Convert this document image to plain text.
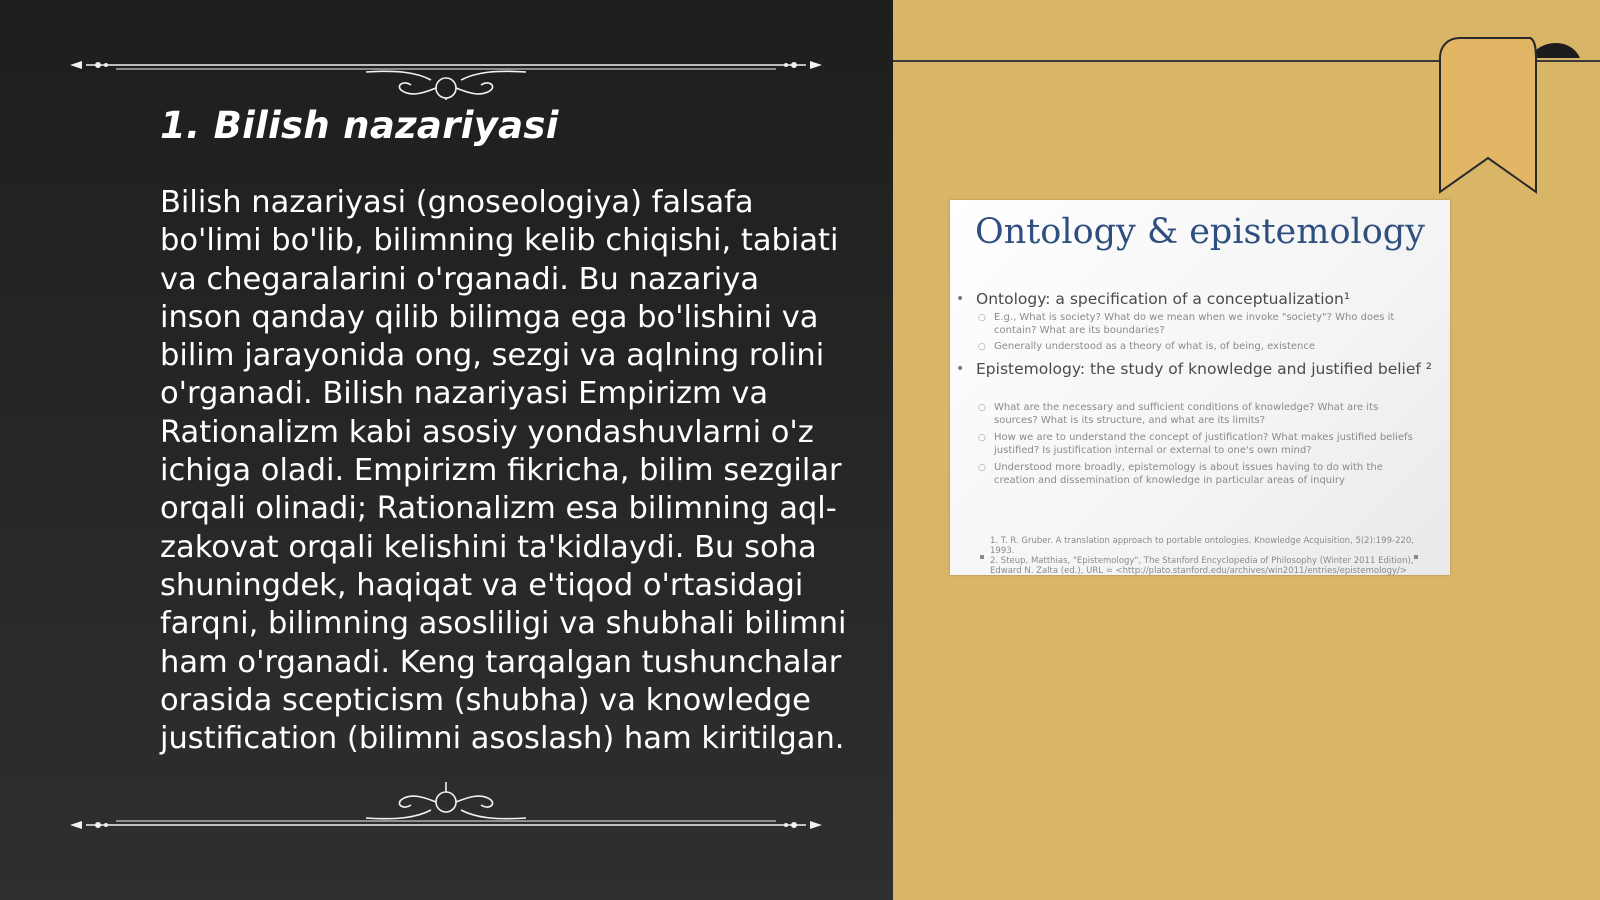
1. Bilish nazariyasi

Bilish nazariyasi (gnoseologiya) falsafa bo'limi bo'lib, bilimning kelib chiqishi, tabiati va chegaralarini o'rganadi. Bu nazariya inson qanday qilib bilimga ega bo'lishini va bilim jarayonida ong, sezgi va aqlning rolini o'rganadi. Bilish nazariyasi Empirizm va Rationalizm kabi asosiy yondashuvlarni o'z ichiga oladi. Empirizm fikricha, bilim sezgilar orqali olinadi; Rationalizm esa bilimning aql-zakovat orqali kelishini ta'kidlaydi. Bu soha shuningdek, haqiqat va e'tiqod o'rtasidagi farqni, bilimning asosliligi va shubhali bilimni ham o'rganadi. Keng tarqalgan tushunchalar orasida scepticism (shubha) va knowledge justification (bilimni asoslash) ham kiritilgan.

Ontology & epistemology
• Ontology: a specification of a conceptualization¹
○ E.g., What is society? What do we mean when we invoke "society"? Who does it contain? What are its boundaries?
○ Generally understood as a theory of what is, of being, existence
• Epistemology: the study of knowledge and justified belief ²
○ What are the necessary and sufficient conditions of knowledge? What are its sources? What is its structure, and what are its limits?
○ How we are to understand the concept of justification? What makes justified beliefs justified? Is justification internal or external to one's own mind?
○ Understood more broadly, epistemology is about issues having to do with the creation and dissemination of knowledge in particular areas of inquiry
1. T. R. Gruber. A translation approach to portable ontologies. Knowledge Acquisition, 5(2):199-220, 1993.
2. Steup, Matthias, "Epistemology", The Stanford Encyclopedia of Philosophy (Winter 2011 Edition), Edward N. Zalta (ed.), URL = <http://plato.stanford.edu/archives/win2011/entries/epistemology/>
